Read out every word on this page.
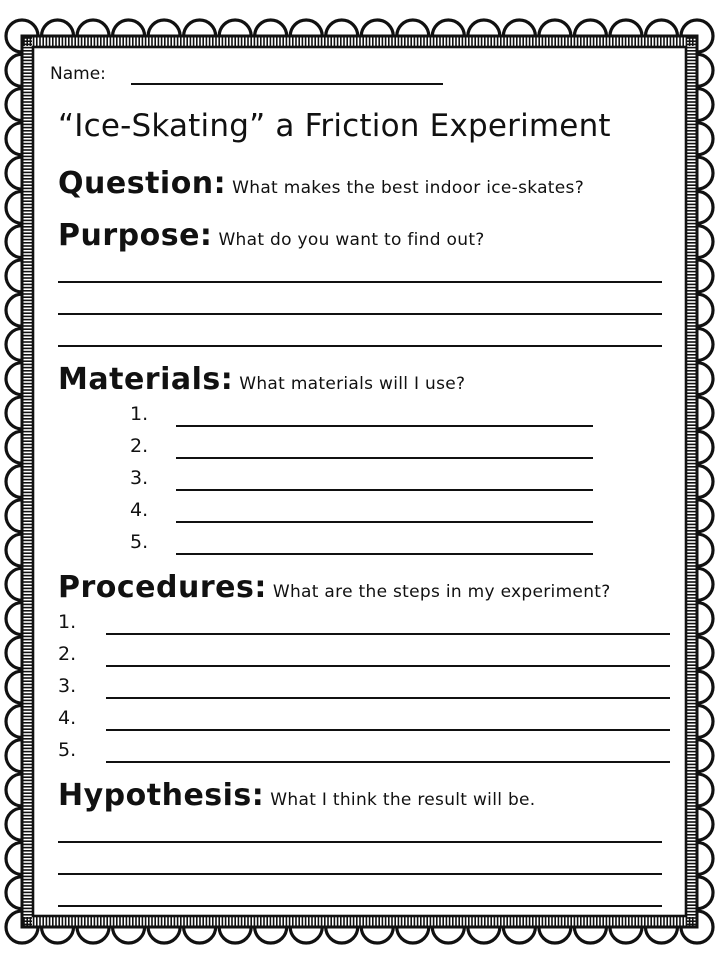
Name:
“Ice-Skating” a Friction Experiment
Question: What makes the best indoor ice-skates?
Purpose: What do you want to find out?
Materials: What materials will I use?
1.
2.
3.
4.
5.
Procedures: What are the steps in my experiment?
1.
2.
3.
4.
5.
Hypothesis: What I think the result will be.
